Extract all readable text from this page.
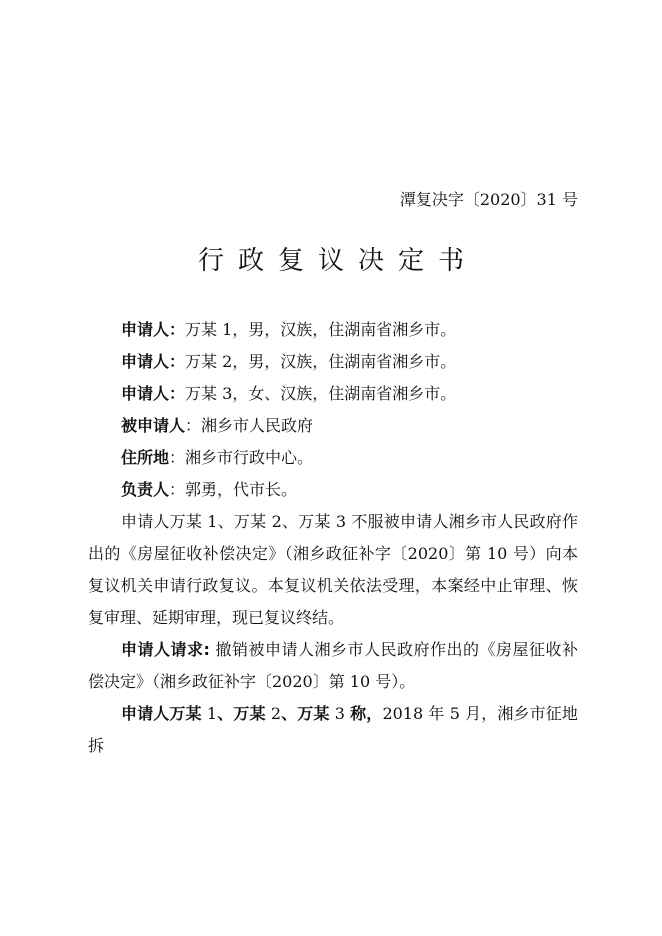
潭复决字〔2020〕31 号
行政复议决定书

申请人：万某 1，男，汉族，住湖南省湘乡市。

申请人：万某 2，男，汉族，住湖南省湘乡市。

申请人：万某 3，女、汉族，住湖南省湘乡市。

被申请人：湘乡市人民政府

住所地：湘乡市行政中心。

负责人：郭勇，代市长。

申请人万某 1、万某 2、万某 3 不服被申请人湘乡市人民政府作出的《房屋征收补偿决定》（湘乡政征补字〔2020〕第 10 号）向本复议机关申请行政复议。本复议机关依法受理，本案经中止审理、恢复审理、延期审理，现已复议终结。

申请人请求: 撤销被申请人湘乡市人民政府作出的《房屋征收补偿决定》（湘乡政征补字〔2020〕第 10 号）。

申请人万某 1、万某 2、万某 3 称，2018 年 5 月，湘乡市征地拆
